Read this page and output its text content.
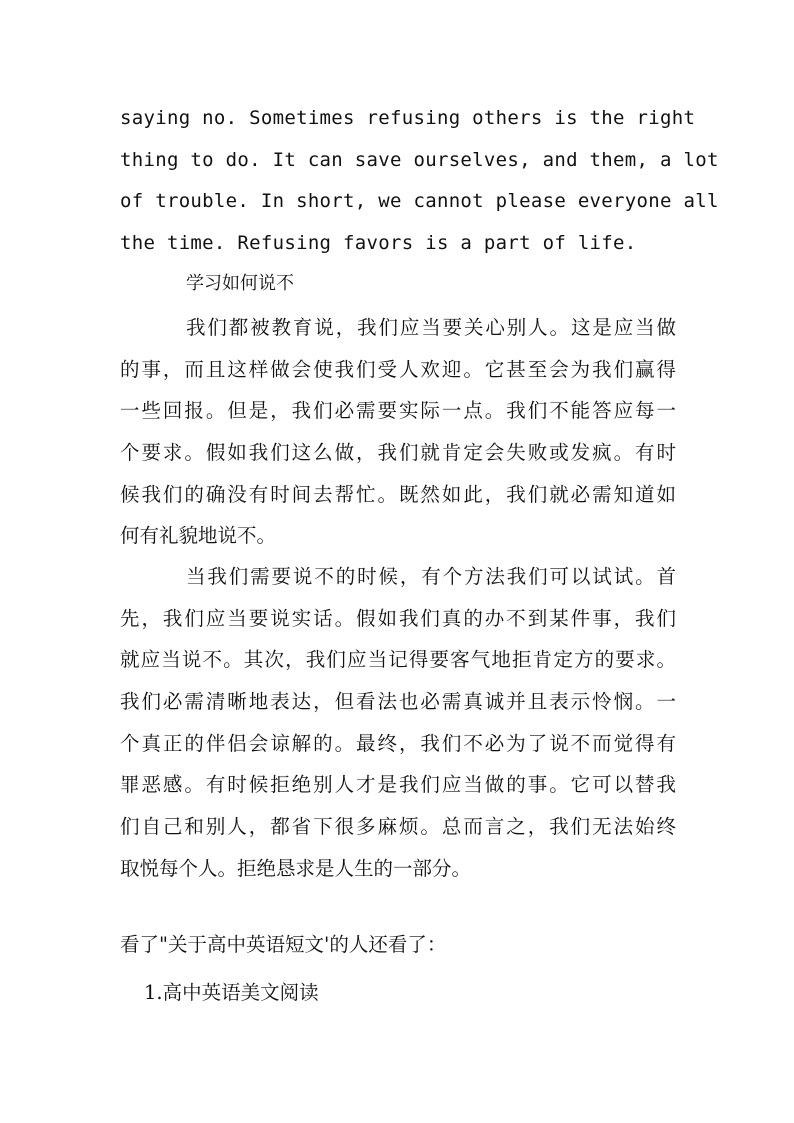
saying no. Sometimes refusing others is the right
thing to do. It can save ourselves, and them, a lot
of trouble. In short, we cannot please everyone all
the time. Refusing favors is a part of life.
学习如何说不
我们都被教育说，我们应当要关心别人。这是应当做
的事，而且这样做会使我们受人欢迎。它甚至会为我们赢得
一些回报。但是，我们必需要实际一点。我们不能答应每一
个要求。假如我们这么做，我们就肯定会失败或发疯。有时
候我们的确没有时间去帮忙。既然如此，我们就必需知道如
何有礼貌地说不。
当我们需要说不的时候，有个方法我们可以试试。首
先，我们应当要说实话。假如我们真的办不到某件事，我们
就应当说不。其次，我们应当记得要客气地拒肯定方的要求。
我们必需清晰地表达，但看法也必需真诚并且表示怜悯。一
个真正的伴侣会谅解的。最终，我们不必为了说不而觉得有
罪恶感。有时候拒绝别人才是我们应当做的事。它可以替我
们自己和别人，都省下很多麻烦。总而言之，我们无法始终
取悦每个人。拒绝恳求是人生的一部分。
看了"关于高中英语短文'的人还看了：
1.高中英语美文阅读
